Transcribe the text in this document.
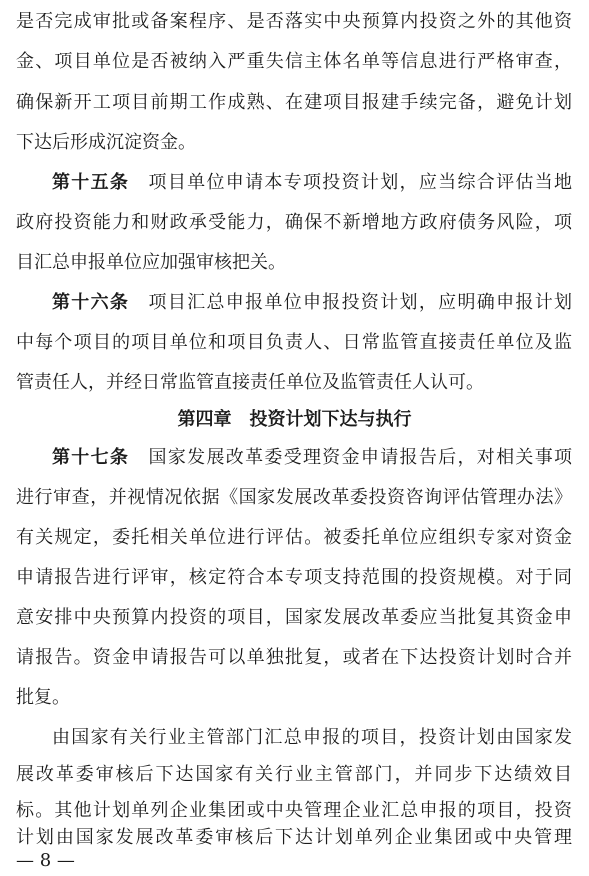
是否完成审批或备案程序、是否落实中央预算内投资之外的其他资
金、项目单位是否被纳入严重失信主体名单等信息进行严格审查，
确保新开工项目前期工作成熟、在建项目报建手续完备，避免计划
下达后形成沉淀资金。
第十五条　项目单位申请本专项投资计划，应当综合评估当地
政府投资能力和财政承受能力，确保不新增地方政府债务风险，项
目汇总申报单位应加强审核把关。
第十六条　项目汇总申报单位申报投资计划，应明确申报计划
中每个项目的项目单位和项目负责人、日常监管直接责任单位及监
管责任人，并经日常监管直接责任单位及监管责任人认可。
第四章　投资计划下达与执行
第十七条　国家发展改革委受理资金申请报告后，对相关事项
进行审查，并视情况依据《国家发展改革委投资咨询评估管理办法》
有关规定，委托相关单位进行评估。被委托单位应组织专家对资金
申请报告进行评审，核定符合本专项支持范围的投资规模。对于同
意安排中央预算内投资的项目，国家发展改革委应当批复其资金申
请报告。资金申请报告可以单独批复，或者在下达投资计划时合并
批复。
由国家有关行业主管部门汇总申报的项目，投资计划由国家发
展改革委审核后下达国家有关行业主管部门，并同步下达绩效目
标。其他计划单列企业集团或中央管理企业汇总申报的项目，投资
— 8 —
计划由国家发展改革委审核后下达计划单列企业集团或中央管理
